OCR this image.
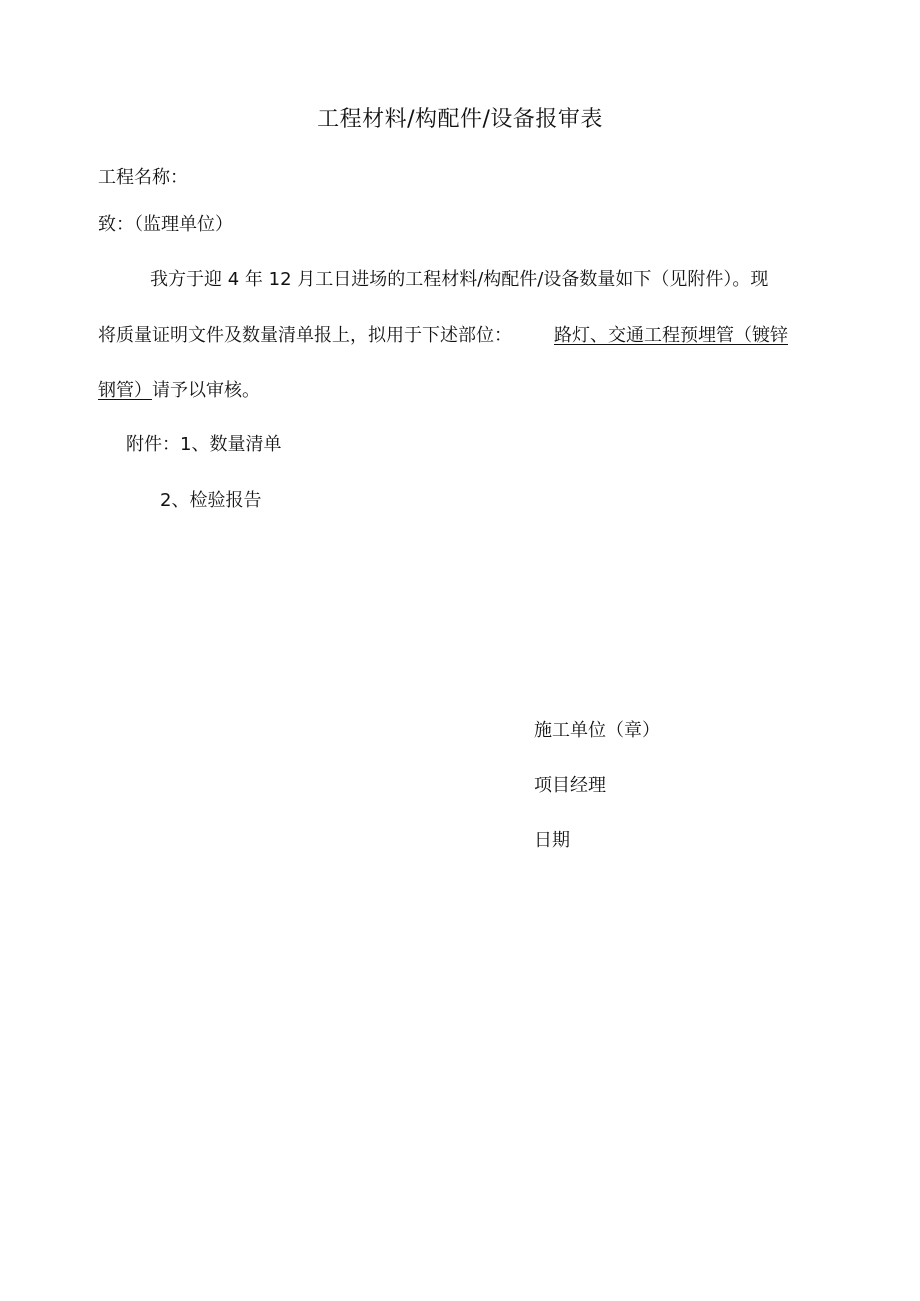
工程材料/构配件/设备报审表
工程名称：
致：（监理单位）
我方于迎 4 年 12 月工日进场的工程材料/构配件/设备数量如下（见附件）。现
将质量证明文件及数量清单报上，拟用于下述部位： 路灯、交通工程预埋管（镀锌
钢管）请予以审核。
附件：1、数量清单
2、检验报告
施工单位（章）
项目经理
日期
